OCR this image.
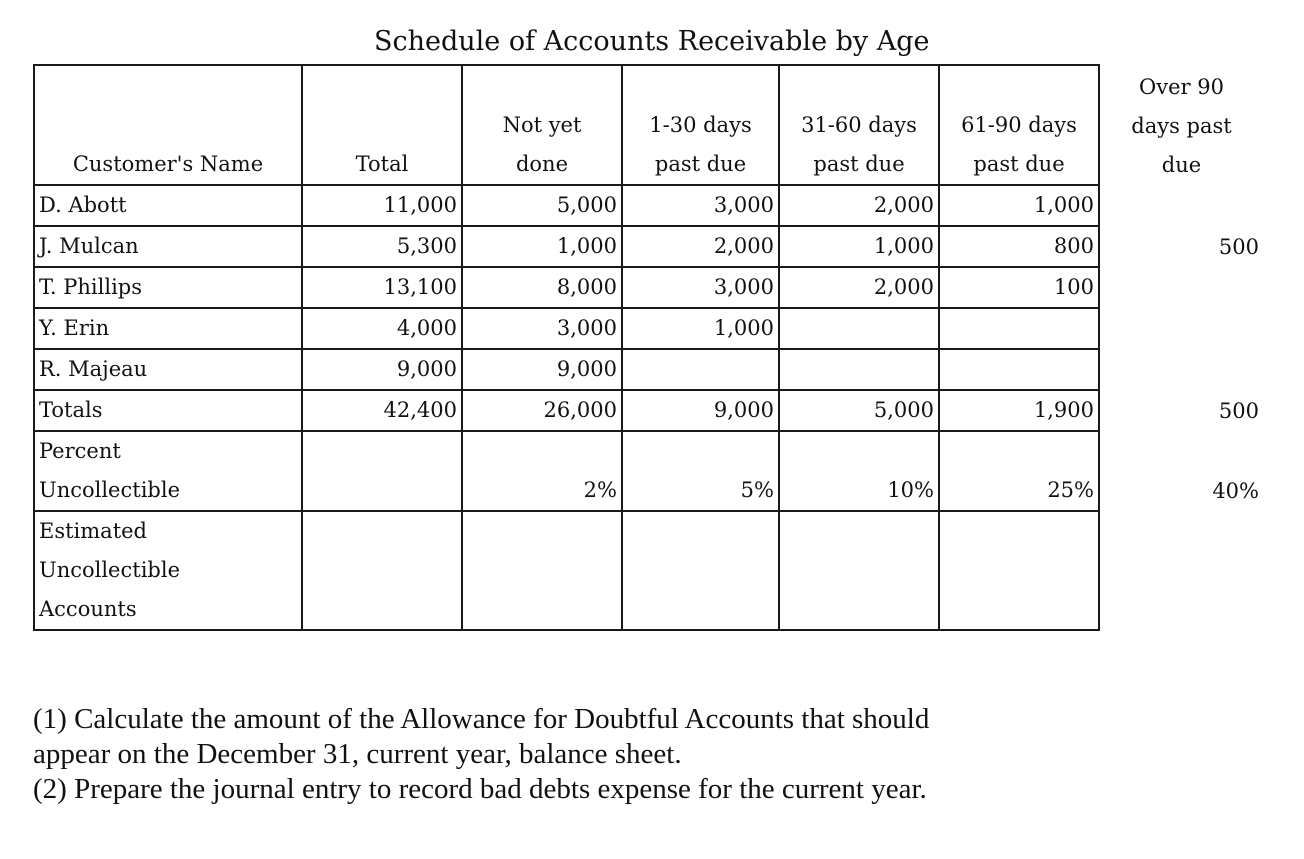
Schedule of Accounts Receivable by Age
Customer's Name	Total	Not yet done	1-30 days past due	31-60 days past due	61-90 days past due	Over 90 days past due
D. Abott	11,000	5,000	3,000	2,000	1,000	
J. Mulcan	5,300	1,000	2,000	1,000	800	500
T. Phillips	13,100	8,000	3,000	2,000	100	
Y. Erin	4,000	3,000	1,000			
R. Majeau	9,000	9,000				
Totals	42,400	26,000	9,000	5,000	1,900	500
Percent Uncollectible		2%	5%	10%	25%	40%
Estimated Uncollectible Accounts						
(1) Calculate the amount of the Allowance for Doubtful Accounts that should
appear on the December 31, current year, balance sheet.
(2) Prepare the journal entry to record bad debts expense for the current year.
